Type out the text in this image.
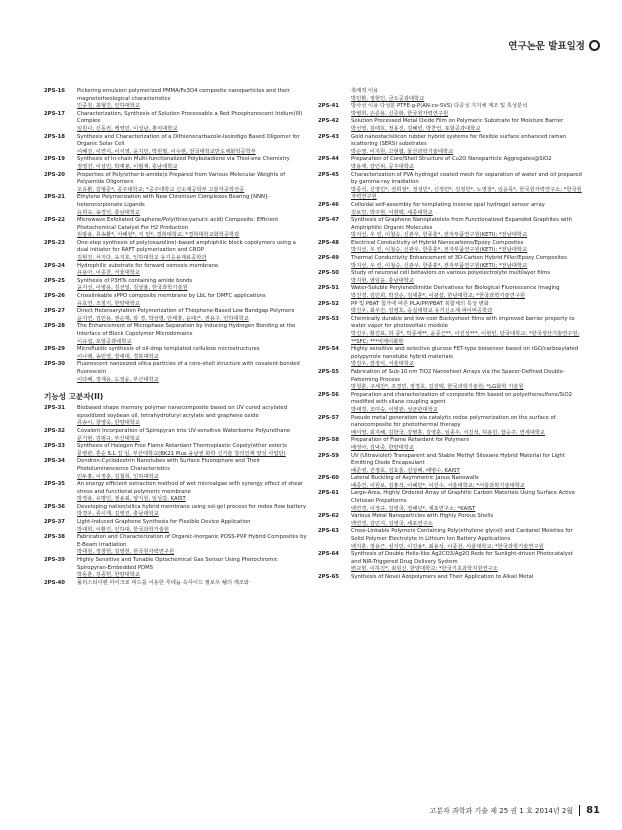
연구논문 발표일정
2PS-16	Pickering emulsion polymerized PMMA/Fe3O4 composite nanoparticles and their magnetorheological characteristics
민중원, 최형진, 인하대학교
2PS-17	Characterization, Synthesis of Solution Processable a Red Phosphorescent Iridium(III) Complex
임원나, 신동권, 백영민, 이성남, 홍익대학교
2PS-18	Synthesis and Characterization of a Dithienocarbazole-Isoindigo Based Oligomer for Organic Solar Cell
여혜진, 이연식, 이지영, 윤지민, 박원필, 이수현, 전국대학교반도체화학공학부
2PS-19	Synthesis of In-chain Multi-functionalized Polybutadiene via Thiol-ene Chemistry
정영진, 이상민, 박재봉, 이범재, 충남대학교
2PS-20	Properties of Poly(ether-b-amide)s Prepared from Various Molecular Weights of Polyamide Oligomers
오유환, 김형준*, 공주대학교; *공주대학교 신소재공학부 고분자공학전공
2PS-21	Ethylene Polymerization with New Chromium Complexes Bearing [NNN]-heterocorpionate Ligands
유희숙, 송경선, 충남대학교
2PS-22	Microwave Exfoliated Graphene/Poly(thiocyanuric acid) Composite: Efficient Photochemical Catalyst For H2 Production
원광용, 류송환*, 서혜원*, 지 민*, 경희대학교; *경희대학교화학공학과
2PS-23	One-step synthesis of poly(oxazoline)-based amphiphilic block copolymers using a dual initiator for RAFT polymerization and CROP
김현진, 서지다, 육지호, 인하대학교 유기응용재료공학과
2PS-24	Hydrophilic substrate for forward osmosis membrane
유용아, 이종찬, 서울대학교
2PS-25	Synthesis of P3HTs containing amide bonds
윤지선, 이병용, 김선일, 김상율, 한국과학기술원
2PS-26	Crosslinkable sPPO composite membrane by LbL for DMFC applications
유효연, 조창기, 한양대학교
2PS-27	Direct Heteroarylation Polymerization of Thiophene-Based Low Bandgap Polymers
윤지연, 김민용, 권순제, 곽 경, 박선명, 안태흥, 윤태근, 권용구, 인하대학교
2PS-28	The Enhancement of Microphase Separation by Inducing Hydrogen Bonding at the Interface of Block Copolymer Microdomains
이규섭, 포항공과대학교
2PS-29	Microfluidic synthesis of oil-drop templated cellulose microstructures
이나래, 송민영, 장세대, 경북대학교
2PS-30	Fluorescent nanosized silica particles of a core-shell structure with covalent-bonded fluorescein
이다혜, 정재용, 도정윤, 부산대학교
기능성 고분자(II)
2PS-31	Biobased shape memory polymer nanocomposite based on UV cured acrylated epoxidized soybean oil, tetrahydrofuryl acrylate and graphene oxide
류송이, 창영욱, 한양대학교
2PS-32	Covalent Incorporation of Spiropyran into UV-sensitive Waterborne Polyurethane
문기현, 김범규, 부산대학교
2PS-33	Synthesis of Halogen Free Flame Retardant Thermoplastic Copoly(ether ester)s
문병관, 혼순 S.L 김 임, 부산대학교(BK21 Plus 융남권 화학 신기술 창의인재 양성 사업단)
2PS-34	Dendron-Cyclodextrin Nanotubes with Surface Fluorophore and Their Photoluminescence Characteristics
민두홍, 이정훈, 김철희, 인하대학교
2PS-35	An energy efficient extraction method of wet microalgae with synergy effect of shear stress and functional polymeric membrane
박경용, 유명인, 권용최, 양지원, 임성갑, KAIST
2PS-36	Developing nation/silica hybrid membrane using sol-gel process for redox flow battery
박경우, 류시재, 김영진, 충남대학교
2PS-37	Light-Induced Graphene Synthesis for Flexible Device Application
박대희, 이환진, 인하대, 한국과학기술원
2PS-38	Fabrication and Characterization of Organic-Inorganic POSS-PVP Hybrid Composites by E-Beam Irradiation
박대원, 정창헌, 김영헌, 한국원자력연구원
2PS-39	Highly Sensitive and Tunable Optochemical Gas Sensor Using Photochromic Spiropyran-Embedded PDMS
박동훈, 김종헌, 한양대학교
2PS-40	폴리스티이렌 마이크로 비드를 이용한 루테늄 옥사이드 필로우 쉘의 제조와
촉매적 이용
박민환, 정현민, 금오공과대학교
2PS-41	방사선 이용 다성분 PTFE-g-P(AN-co-SVS) 다공성 지지체 제조 및 특성분석
박병희, 손준용, 신준화, 한국원자력연구원
2PS-42	Solution Processed Metal Oxide Film on Polymeric Substrate for Moisture Barrier
박선영, 김태호, 정용진, 김혜빈, 박찬언, 포항공과대학교
2PS-43	Gold nanostar/silicon rubber hybrid systems for flexible surface enhanced raman scattering (SERS) substrates
박순영, 이지원, 고현협, 울산과학기술대학교
2PS-44	Preparation of Core/Shell Structure of Cu2O Nanoparticle Aggregates@SiO2
박용재, 강인위, 공주대학교
2PS-45	Characterization of PVA hydrogel coated mesh for separation of water and oil prepared by gamma-ray irradiation
박종석, 신영민*, 권희정*, 정성민*, 신정민*, 김정민*, 노영창*, 임윤묵*, 한국원자력연구소; *한국원자력연구원
2PS-46	Colloidal self-assembly for templating inverse opal hydrogel sensor array
김보민, 박주현, 이현택, 세종대학교
2PS-47	Synthesis of Graphene Nanoplatelets from Functionalized Expanded Graphites with Amphiphilic Organic Molecules
박지선, 우 린, 이철승, 신관우, 한종훈*, 전자부품연구원(KETI); *전남대학교
2PS-48	Electrical Conductivity of Hybrid Nanocarbons/Epoxy Composites
박지선, 우 린, 이철승, 신관우, 한종훈*, 전자부품연구원(KETI); *전남대학교
2PS-49	Thermal Conductivity Enhancement of 3D-Carbon Hybrid Filler/Epoxy Composites
박지선, 우 린, 이철승, 신관우, 한종훈*, 전자부품연구원(KETI); *전남대학교
2PS-50	Study of neuronal cell behaviors on various polyelectrolyte multilayer films
박지현, 염임윤, 충남대학교
2PS-51	Water-Soluble Perylenediimide Derivatives for Biological Fluorescence Imaging
박진경, 김민희, 박진순, 김세훈*, 이광섭, 한남대학교; *한국과학기술연구원
2PS-52	PP 및 PBAT 첨가에 따른 PLA/PP/PBAT 복합체의 특성 변화
박진우, 최우진, 김영호, 숭실대학교 유기신소재·파이버공학과
2PS-53	Chemically durable and low-cost Buckysheet films with improved barrier property to water vapor for photovoltaic module
박진우, 황진표, 허 중*, 박종세**, 윤종근**, 이진성***, 이현빈, 단국대학교; *한국생산기술연구원; **SFC; ***비케이화학
2PS-54	Highly sensitive and selective glucose FET-type biosensor based on rGO/carboxylated polypyrrole nanotube hybrid materials
박진우, 장정식, 서울대학교
2PS-55	Fabrication of Sub-10 nm TiO2 Nanosheet Arrays via the Spacer-Defined Double-Patterning Process
박청훈, 구세진*, 조경민, 정경호, 김진택, 한국과학기술원; *LG화학 기술원
2PS-56	Preparation and characterization of composite film based on polyethersulfone/SiO2 modified with silane coupling agent
박태경, 조미숙, 이영관, 성균관대학교
2PS-57	Pseudo metal generation via catalytic redox polymerization on the surface of nanocomposite for photothermal therapy
배서영, 최지혜, 김한국, 강병훈, 김영훈, 임종우, 서진석, 허용민, 함승주, 연세대학교
2PS-58	Preparation of Flame Retardant for Polymers
배정아, 김낙중, 한양대학교
2PS-59	UV (Ultraviolet) Transparent and Stable Methyl Siloxane Hybrid Material for Light Emitting Diode Encapsulant
배준영, 진정호, 김효울, 김상배, 배병수, KAIST
2PS-60	Lateral Buckling of Asymmetric Janus Nanowalls
배종건, 이원보, 김홍석, 이혜민*, 이진수, 서울대학교; *서울과학기술대학교
2PS-61	Large-Area, Highly Ordered Array of Graphitic Carbon Materials Using Surface Active Chitosan Prepatterns
백연경, 이정규, 김영국, 정해년*, 세포연구소; *KAIST
2PS-62	Various Metal Nanoparticles with Highly Porous Shells
백연경, 김민지, 김영국, 세포연구소
2PS-63	Cross-Linkable Polymers Containing Poly(ethylene glycol) and Cardanol Moieties for Solid Polymer Electrolyte in Lithium Ion Battery Applications
백지훈, 정용근, 심지민, 이진용*, 최용석, 이종찬, 서울대학교; *한국과학기술연구원
2PS-64	Synthesis of Double Helix-like Ag2CO3/Ag2O Rods for Sunlight-driven Photocatalyst and NIR-Triggered Drug Delivery System
변교현, 이하진*, 최원신, 한양대학교; *한국기초과학지원연구소
2PS-65	Synthesis of Novel Azopolymers and Their Application to Alkali Metal
고분자 과학과 기술 제 25 권 1 호 2014년 2월 81
